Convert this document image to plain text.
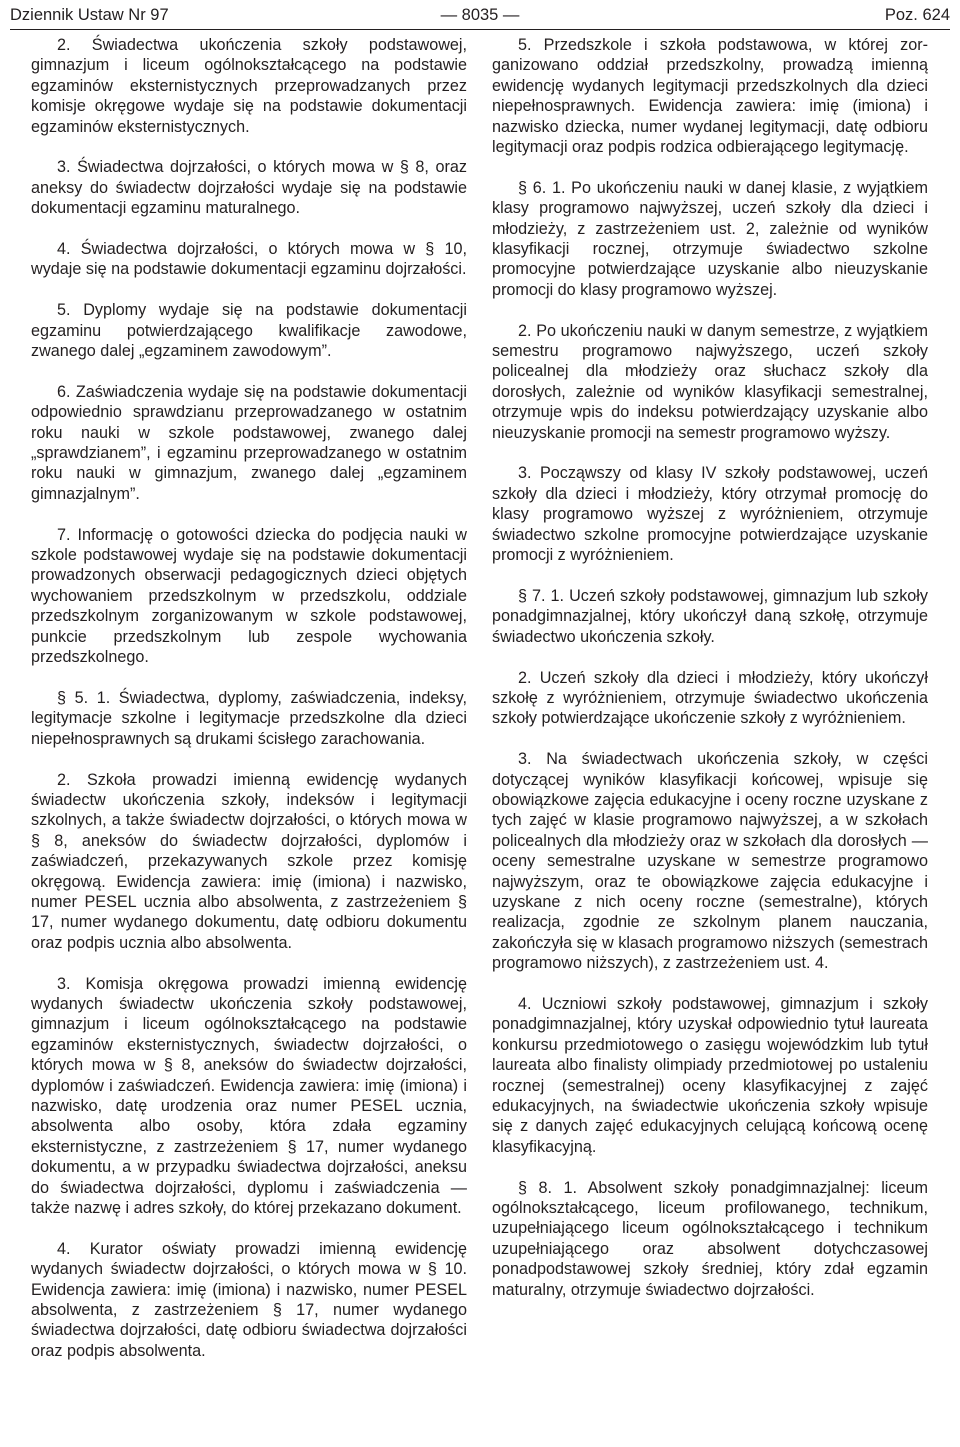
Dziennik Ustaw Nr 97	— 8035 —	Poz. 624

2. Świadectwa ukończenia szkoły podstawowej, gimnazjum i liceum ogólnokształcącego na podstawie egzaminów eksternistycznych przeprowadzanych przez komisje okręgowe wydaje się na podstawie dokumentacji egzaminów eksternistycznych.

3. Świadectwa dojrzałości, o których mowa w § 8, oraz aneksy do świadectw dojrzałości wydaje się na podstawie dokumentacji egzaminu maturalnego.

4. Świadectwa dojrzałości, o których mowa w § 10, wydaje się na podstawie dokumentacji egzaminu dojrzałości.

5. Dyplomy wydaje się na podstawie dokumentacji egzaminu potwierdzającego kwalifikacje zawodowe, zwanego dalej „egzaminem zawodowym”.

6. Zaświadczenia wydaje się na podstawie dokumentacji odpowiednio sprawdzianu przeprowadzanego w ostatnim roku nauki w szkole podstawowej, zwanego dalej „sprawdzianem”, i egzaminu przeprowadzanego w ostatnim roku nauki w gimnazjum, zwanego dalej „egzaminem gimnazjalnym”.

7. Informację o gotowości dziecka do podjęcia nauki w szkole podstawowej wydaje się na podstawie dokumentacji prowadzonych obserwacji pedagogicznych dzieci objętych wychowaniem przedszkolnym w przedszkolu, oddziale przedszkolnym zorganizowanym w szkole podstawowej, punkcie przedszkolnym lub zespole wychowania przedszkolnego.

§ 5. 1. Świadectwa, dyplomy, zaświadczenia, indeksy, legitymacje szkolne i legitymacje przedszkolne dla dzieci niepełnosprawnych są drukami ścisłego zarachowania.

2. Szkoła prowadzi imienną ewidencję wydanych świadectw ukończenia szkoły, indeksów i legitymacji szkolnych, a także świadectw dojrzałości, o których mowa w § 8, aneksów do świadectw dojrzałości, dyplomów i zaświadczeń, przekazywanych szkole przez komisję okręgową. Ewidencja zawiera: imię (imiona) i nazwisko, numer PESEL ucznia albo absolwenta, z zastrzeżeniem § 17, numer wydanego dokumentu, datę odbioru dokumentu oraz podpis ucznia albo absolwenta.

3. Komisja okręgowa prowadzi imienną ewidencję wydanych świadectw ukończenia szkoły podstawowej, gimnazjum i liceum ogólnokształcącego na podstawie egzaminów eksternistycznych, świadectw dojrzałości, o których mowa w § 8, aneksów do świadectw dojrzałości, dyplomów i zaświadczeń. Ewidencja zawiera: imię (imiona) i nazwisko, datę urodzenia oraz numer PESEL ucznia, absolwenta albo osoby, która zdała egzaminy eksternistyczne, z zastrzeżeniem § 17, numer wydanego dokumentu, a w przypadku świadectwa dojrzałości, aneksu do świadectwa dojrzałości, dyplomu i zaświadczenia — także nazwę i adres szkoły, do której przekazano dokument.

4. Kurator oświaty prowadzi imienną ewidencję wydanych świadectw dojrzałości, o których mowa w § 10. Ewidencja zawiera: imię (imiona) i nazwisko, numer PESEL absolwenta, z zastrzeżeniem § 17, numer wydanego świadectwa dojrzałości, datę odbioru świadectwa dojrzałości oraz podpis absolwenta.

5. Przedszkole i szkoła podstawowa, w której zorganizowano oddział przedszkolny, prowadzą imienną ewidencję wydanych legitymacji przedszkolnych dla dzieci niepełnosprawnych. Ewidencja zawiera: imię (imiona) i nazwisko dziecka, numer wydanej legitymacji, datę odbioru legitymacji oraz podpis rodzica odbierającego legitymację.

§ 6. 1. Po ukończeniu nauki w danej klasie, z wyjątkiem klasy programowo najwyższej, uczeń szkoły dla dzieci i młodzieży, z zastrzeżeniem ust. 2, zależnie od wyników klasyfikacji rocznej, otrzymuje świadectwo szkolne promocyjne potwierdzające uzyskanie albo nieuzyskanie promocji do klasy programowo wyższej.

2. Po ukończeniu nauki w danym semestrze, z wyjątkiem semestru programowo najwyższego, uczeń szkoły policealnej dla młodzieży oraz słuchacz szkoły dla dorosłych, zależnie od wyników klasyfikacji semestralnej, otrzymuje wpis do indeksu potwierdzający uzyskanie albo nieuzyskanie promocji na semestr programowo wyższy.

3. Począwszy od klasy IV szkoły podstawowej, uczeń szkoły dla dzieci i młodzieży, który otrzymał promocję do klasy programowo wyższej z wyróżnieniem, otrzymuje świadectwo szkolne promocyjne potwierdzające uzyskanie promocji z wyróżnieniem.

§ 7. 1. Uczeń szkoły podstawowej, gimnazjum lub szkoły ponadgimnazjalnej, który ukończył daną szkołę, otrzymuje świadectwo ukończenia szkoły.

2. Uczeń szkoły dla dzieci i młodzieży, który ukończył szkołę z wyróżnieniem, otrzymuje świadectwo ukończenia szkoły potwierdzające ukończenie szkoły z wyróżnieniem.

3. Na świadectwach ukończenia szkoły, w części dotyczącej wyników klasyfikacji końcowej, wpisuje się obowiązkowe zajęcia edukacyjne i oceny roczne uzyskane z tych zajęć w klasie programowo najwyższej, a w szkołach policealnych dla młodzieży oraz w szkołach dla dorosłych — oceny semestralne uzyskane w semestrze programowo najwyższym, oraz te obowiązkowe zajęcia edukacyjne i uzyskane z nich oceny roczne (semestralne), których realizacja, zgodnie ze szkolnym planem nauczania, zakończyła się w klasach programowo niższych (semestrach programowo niższych), z zastrzeżeniem ust. 4.

4. Uczniowi szkoły podstawowej, gimnazjum i szkoły ponadgimnazjalnej, który uzyskał odpowiednio tytuł laureata konkursu przedmiotowego o zasięgu wojewódzkim lub tytuł laureata albo finalisty olimpiady przedmiotowej po ustaleniu rocznej (semestralnej) oceny klasyfikacyjnej z zajęć edukacyjnych, na świadectwie ukończenia szkoły wpisuje się z danych zajęć edukacyjnych celującą końcową ocenę klasyfikacyjną.

§ 8. 1. Absolwent szkoły ponadgimnazjalnej: liceum ogólnokształcącego, liceum profilowanego, technikum, uzupełniającego liceum ogólnokształcącego i technikum uzupełniającego oraz absolwent dotychczasowej ponadpodstawowej szkoły średniej, który zdał egzamin maturalny, otrzymuje świadectwo dojrzałości.
